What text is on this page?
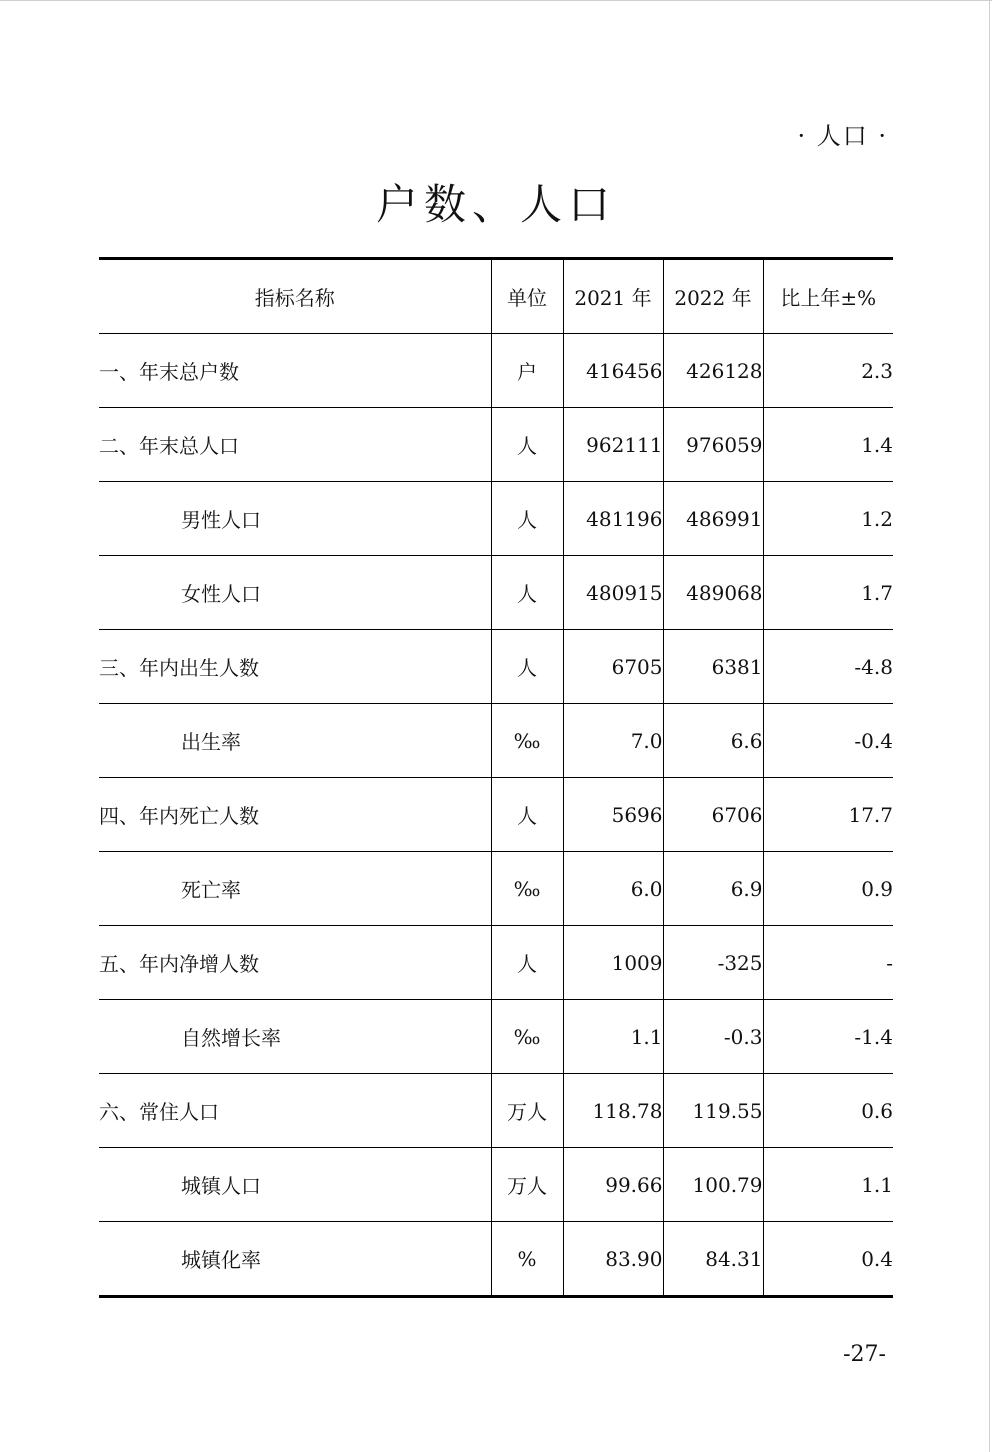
· 人口 ·
户数、人口
指标名称	单位	2021 年	2022 年	比上年±%
一、年末总户数	户	416456	426128	2.3
二、年末总人口	人	962111	976059	1.4
男性人口	人	481196	486991	1.2
女性人口	人	480915	489068	1.7
三、年内出生人数	人	6705	6381	-4.8
出生率	‰	7.0	6.6	-0.4
四、年内死亡人数	人	5696	6706	17.7
死亡率	‰	6.0	6.9	0.9
五、年内净增人数	人	1009	-325	-
自然增长率	‰	1.1	-0.3	-1.4
六、常住人口	万人	118.78	119.55	0.6
城镇人口	万人	99.66	100.79	1.1
城镇化率	%	83.90	84.31	0.4
-27-
